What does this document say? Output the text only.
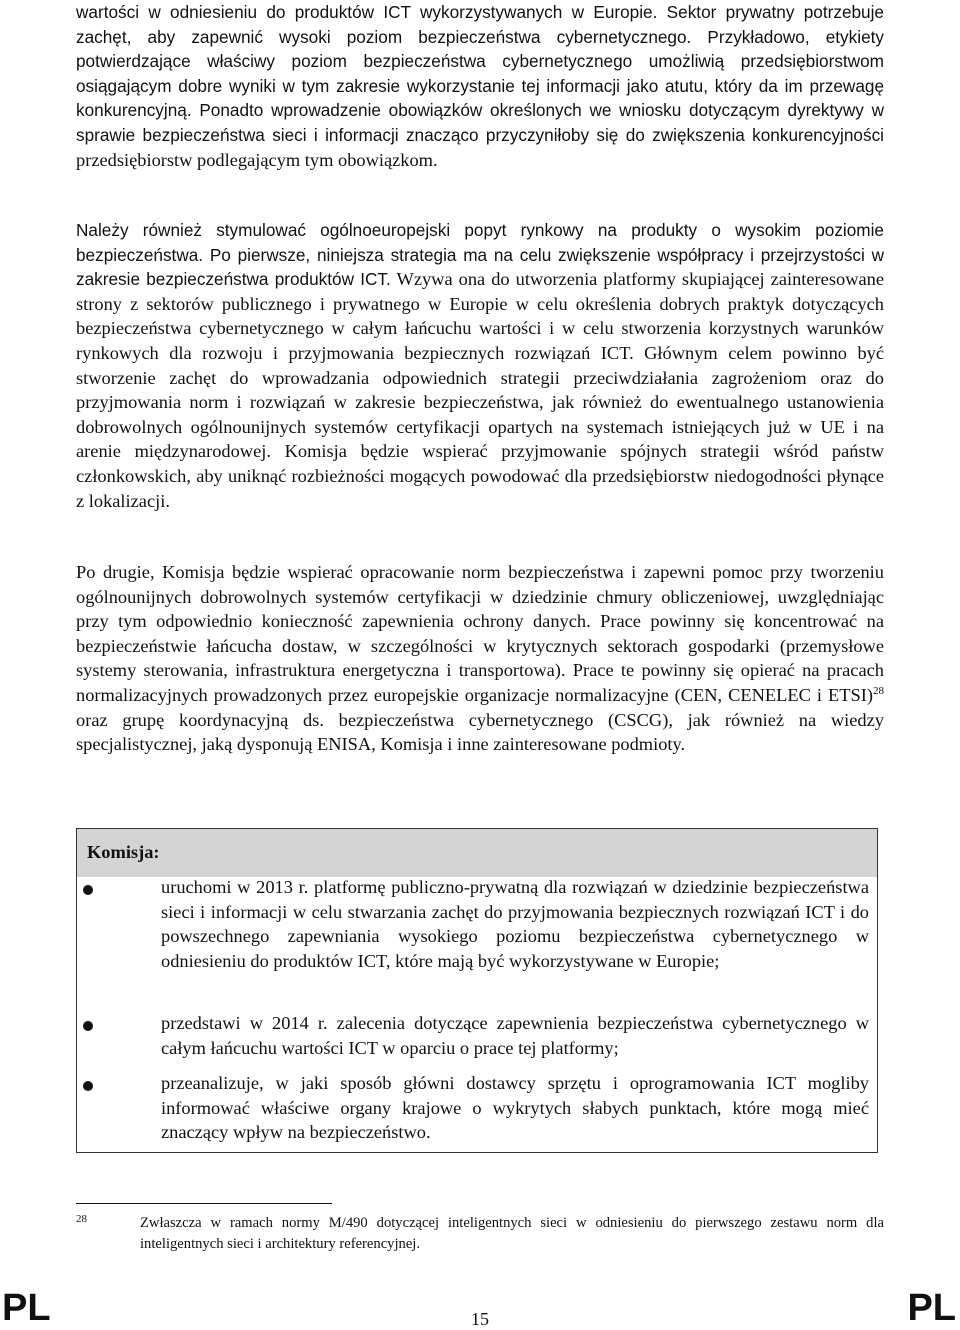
wartości w odniesieniu do produktów ICT wykorzystywanych w Europie. Sektor prywatny potrzebuje zachęt, aby zapewnić wysoki poziom bezpieczeństwa cybernetycznego. Przykładowo, etykiety potwierdzające właściwy poziom bezpieczeństwa cybernetycznego umożliwią przedsiębiorstwom osiągającym dobre wyniki w tym zakresie wykorzystanie tej informacji jako atutu, który da im przewagę konkurencyjną. Ponadto wprowadzenie obowiązków określonych we wniosku dotyczącym dyrektywy w sprawie bezpieczeństwa sieci i informacji znacząco przyczyniłoby się do zwiększenia konkurencyjności przedsiębiorstw podlegającym tym obowiązkom.

Należy również stymulować ogólnoeuropejski popyt rynkowy na produkty o wysokim poziomie bezpieczeństwa. Po pierwsze, niniejsza strategia ma na celu zwiększenie współpracy i przejrzystości w zakresie bezpieczeństwa produktów ICT. Wzywa ona do utworzenia platformy skupiającej zainteresowane strony z sektorów publicznego i prywatnego w Europie w celu określenia dobrych praktyk dotyczących bezpieczeństwa cybernetycznego w całym łańcuchu wartości i w celu stworzenia korzystnych warunków rynkowych dla rozwoju i przyjmowania bezpiecznych rozwiązań ICT. Głównym celem powinno być stworzenie zachęt do wprowadzania odpowiednich strategii przeciwdziałania zagrożeniom oraz do przyjmowania norm i rozwiązań w zakresie bezpieczeństwa, jak również do ewentualnego ustanowienia dobrowolnych ogólnounijnych systemów certyfikacji opartych na systemach istniejących już w UE i na arenie międzynarodowej. Komisja będzie wspierać przyjmowanie spójnych strategii wśród państw członkowskich, aby uniknąć rozbieżności mogących powodować dla przedsiębiorstw niedogodności płynące z lokalizacji.

Po drugie, Komisja będzie wspierać opracowanie norm bezpieczeństwa i zapewni pomoc przy tworzeniu ogólnounijnych dobrowolnych systemów certyfikacji w dziedzinie chmury obliczeniowej, uwzględniając przy tym odpowiednio konieczność zapewnienia ochrony danych. Prace powinny się koncentrować na bezpieczeństwie łańcucha dostaw, w szczególności w krytycznych sektorach gospodarki (przemysłowe systemy sterowania, infrastruktura energetyczna i transportowa). Prace te powinny się opierać na pracach normalizacyjnych prowadzonych przez europejskie organizacje normalizacyjne (CEN, CENELEC i ETSI)$^{28}$ oraz grupę koordynacyjną ds. bezpieczeństwa cybernetycznego (CSCG), jak również na wiedzy specjalistycznej, jaką dysponują ENISA, Komisja i inne zainteresowane podmioty.

Komisja:
uruchomi w 2013 r. platformę publiczno-prywatną dla rozwiązań w dziedzinie bezpieczeństwa sieci i informacji w celu stwarzania zachęt do przyjmowania bezpiecznych rozwiązań ICT i do powszechnego zapewniania wysokiego poziomu bezpieczeństwa cybernetycznego w odniesieniu do produktów ICT, które mają być wykorzystywane w Europie;
przedstawi w 2014 r. zalecenia dotyczące zapewnienia bezpieczeństwa cybernetycznego w całym łańcuchu wartości ICT w oparciu o prace tej platformy;
przeanalizuje, w jaki sposób główni dostawcy sprzętu i oprogramowania ICT mogliby informować właściwe organy krajowe o wykrytych słabych punktach, które mogą mieć znaczący wpływ na bezpieczeństwo.
28	Zwłaszcza w ramach normy M/490 dotyczącej inteligentnych sieci w odniesieniu do pierwszego zestawu norm dla inteligentnych sieci i architektury referencyjnej.
PL	15	PL
